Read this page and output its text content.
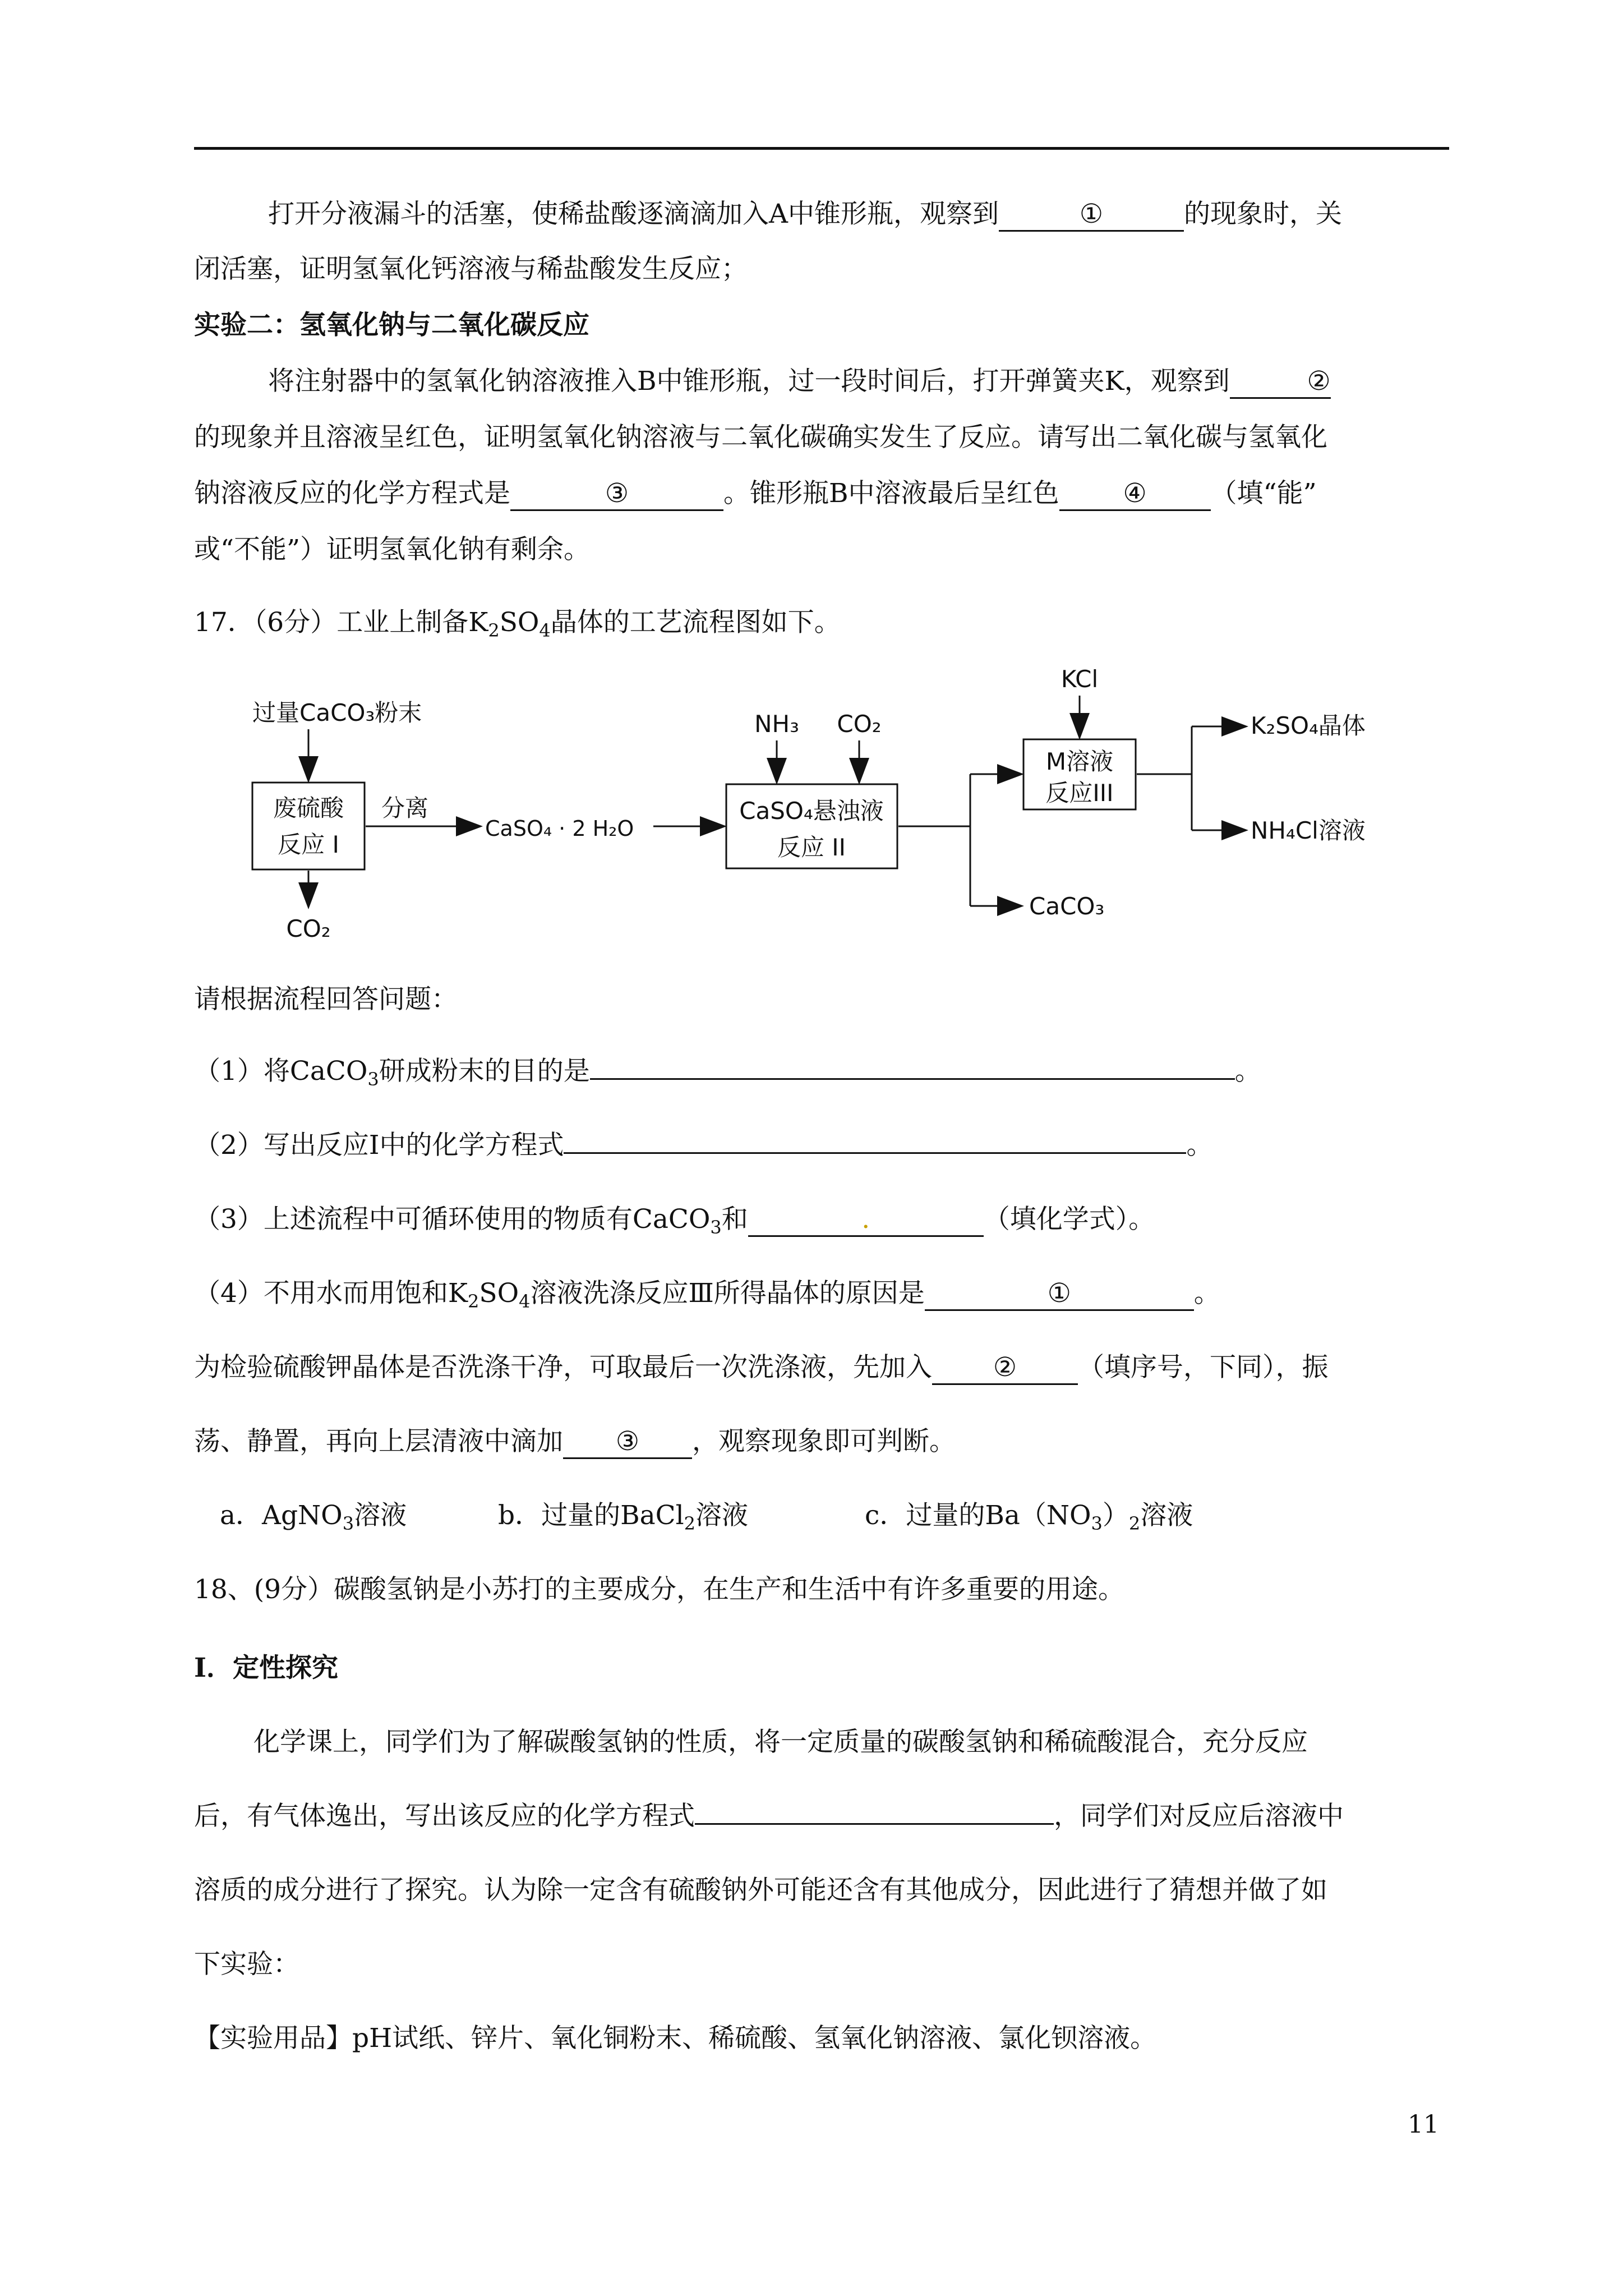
打开分液漏斗的活塞，使稀盐酸逐滴滴加入A中锥形瓶，观察到	①	的现象时，关
闭活塞，证明氢氧化钙溶液与稀盐酸发生反应；
实验二：氢氧化钠与二氧化碳反应
将注射器中的氢氧化钠溶液推入B中锥形瓶，过一段时间后，打开弹簧夹K，观察到	②
的现象并且溶液呈红色，证明氢氧化钠溶液与二氧化碳确实发生了反应。请写出二氧化碳与氢氧化
钠溶液反应的化学方程式是	③	。锥形瓶B中溶液最后呈红色 ④ （填“能”
或“不能”）证明氢氧化钠有剩余。
17．（6分）工业上制备$K_2SO_4$晶体的工艺流程图如下。
过量CaCO₃粉末
废硫酸
反应 I
CO₂
分离
CaSO₄ · 2 H₂O
NH₃ CO₂
CaSO₄悬浊液
反应 II
CaCO₃
KCl
M溶液
反应III
K₂SO₄晶体
NH₄Cl溶液
请根据流程回答问题：
（1）将CaCO$_3$研成粉末的目的是	。
（2）写出反应Ⅰ中的化学方程式	。
（3）上述流程中可循环使用的物质有CaCO$_3$和	.	（填化学式）。
（4）不用水而用饱和$K_2SO_4$溶液洗涤反应Ⅲ所得晶体的原因是	①	。
为检验硫酸钾晶体是否洗涤干净，可取最后一次洗涤液，先加入 ② （填序号，下同），振
荡、静置，再向上层清液中滴加 ③ ，观察现象即可判断。
a．AgNO$_3$溶液	b．过量的BaCl$_2$溶液	c．过量的$Ba(NO_3)_2$溶液
18、(9分）碳酸氢钠是小苏打的主要成分，在生产和生活中有许多重要的用途。
Ⅰ．定性探究
化学课上，同学们为了解碳酸氢钠的性质，将一定质量的碳酸氢钠和稀硫酸混合，充分反应
后，有气体逸出，写出该反应的化学方程式	，同学们对反应后溶液中
溶质的成分进行了探究。认为除一定含有硫酸钠外可能还含有其他成分，因此进行了猜想并做了如
下实验：
【实验用品】pH试纸、锌片、氧化铜粉末、稀硫酸、氢氧化钠溶液、氯化钡溶液。
11
